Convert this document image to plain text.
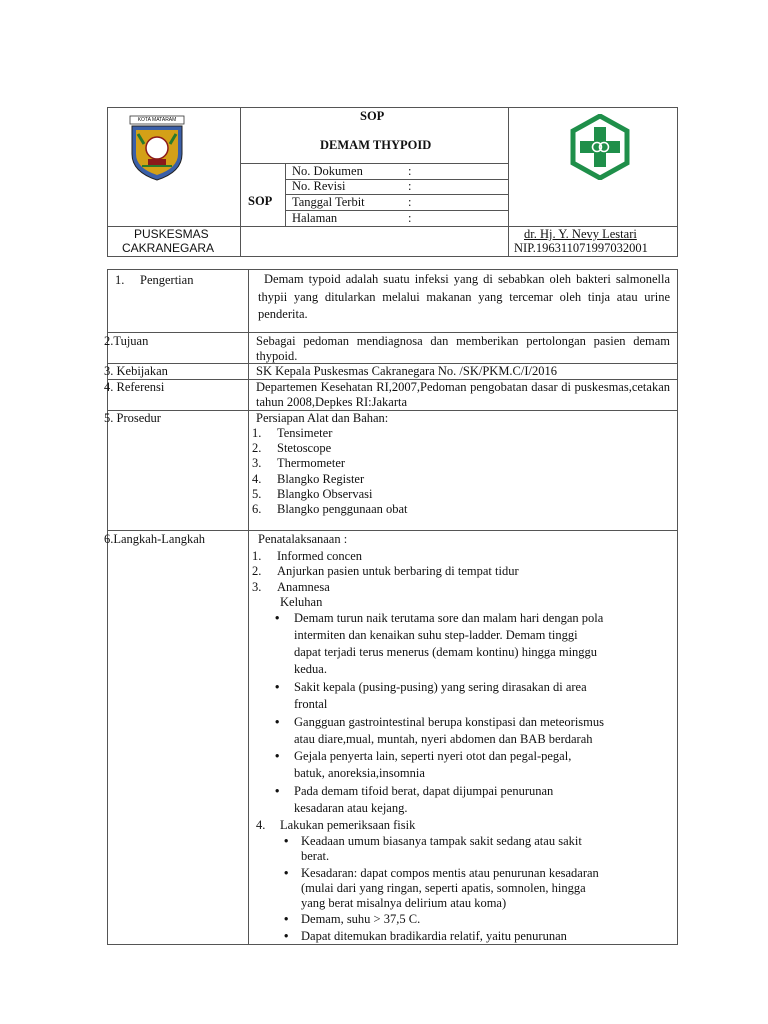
KOTA MATARAM	SOP
DEMAM THYPOID
SOP
No. Dokumen	:
No. Revisi	:
Tanggal Terbit	:
Halaman	:
PUSKESMAS
CAKRANEGARA
dr. Hj. Y. Nevy Lestari
NIP.196311071997032001
1. Pengertian	Demam typoid adalah suatu infeksi yang di sebabkan oleh bakteri salmonella thypii yang ditularkan melalui makanan yang tercemar oleh tinja atau urine penderita.
2.Tujuan	Sebagai pedoman mendiagnosa dan memberikan pertolongan pasien demam thypoid.
3. Kebijakan	SK Kepala Puskesmas Cakranegara No. /SK/PKM.C/I/2016
4. Referensi	Departemen Kesehatan RI,2007,Pedoman pengobatan dasar di puskesmas,cetakan tahun 2008,Depkes RI:Jakarta
5. Prosedur	Persiapan Alat dan Bahan:
1. Tensimeter
2. Stetoscope
3. Thermometer
4. Blangko Register
5. Blangko Observasi
6. Blangko penggunaan obat
6.Langkah-Langkah	Penatalaksanaan :
1. Informed concen
2. Anjurkan pasien untuk berbaring di tempat tidur
3. Anamnesa
Keluhan
• Demam turun naik terutama sore dan malam hari dengan pola
intermiten dan kenaikan suhu step-ladder. Demam tinggi
dapat terjadi terus menerus (demam kontinu) hingga minggu
kedua.
• Sakit kepala (pusing-pusing) yang sering dirasakan di area
frontal
• Gangguan gastrointestinal berupa konstipasi dan meteorismus
atau diare,mual, muntah, nyeri abdomen dan BAB berdarah
• Gejala penyerta lain, seperti nyeri otot dan pegal-pegal,
batuk, anoreksia,insomnia
• Pada demam tifoid berat, dapat dijumpai penurunan
kesadaran atau kejang.
4. Lakukan pemeriksaan fisik
• Keadaan umum biasanya tampak sakit sedang atau sakit
berat.
• Kesadaran: dapat compos mentis atau penurunan kesadaran
(mulai dari yang ringan, seperti apatis, somnolen, hingga
yang berat misalnya delirium atau koma)
• Demam, suhu > 37,5 C.
• Dapat ditemukan bradikardia relatif, yaitu penurunan
